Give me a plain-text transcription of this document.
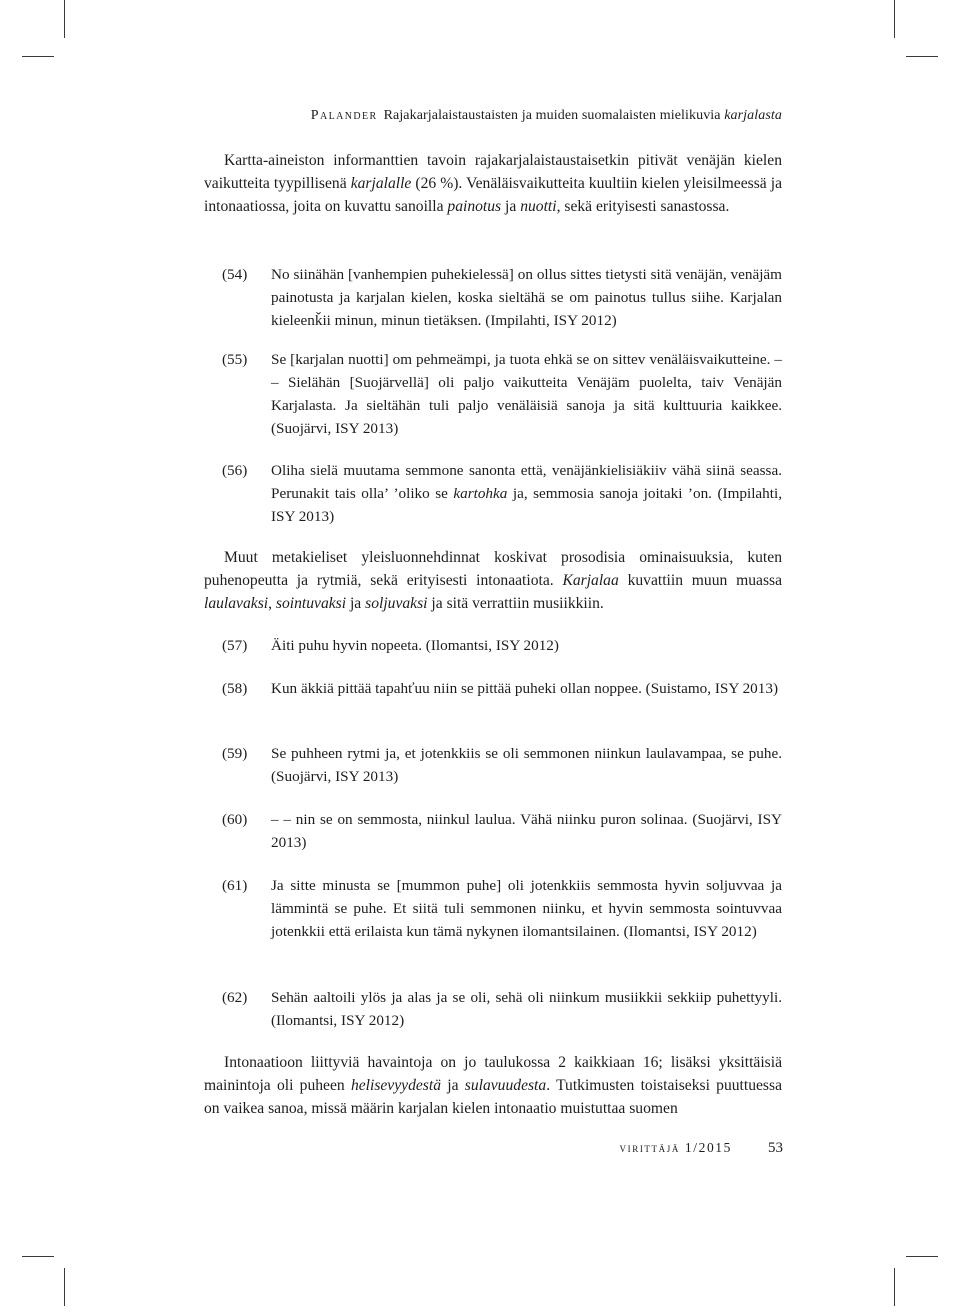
Palander Rajakarjalaistaustaisten ja muiden suomalaisten mielikuvia karjalasta

Kartta-aineiston informanttien tavoin rajakarjalaistaustaisetkin pitivät venäjän kielen vaikutteita tyypillisenä karjalalle (26 %). Venäläisvaikutteita kuultiin kielen yleisilmeessä ja intonaatiossa, joita on kuvattu sanoilla painotus ja nuotti, sekä erityisesti sanastossa.

(54)	No siinähän [vanhempien puhekielessä] on ollus sittes tietysti sitä venäjän, venäjäm painotusta ja karjalan kielen, koska sieltähä se om painotus tullus siihe. Karjalan kieleenǩii minun, minun tietäksen. (Impilahti, ISY 2012)
(55)	Se [karjalan nuotti] om pehmeämpi, ja tuota ehkä se on sittev venäläisvaikutteine. – – Sielähän [Suojärvellä] oli paljo vaikutteita Venäjäm puolelta, taiv Venäjän Karjalasta. Ja sieltähän tuli paljo venäläisiä sanoja ja sitä kulttuuria kaikkee. (Suojärvi, ISY 2013)
(56)	Oliha sielä muutama semmone sanonta että, venäjänkielisiäkiiv vähä siinä seassa. Perunakit tais olla’ ’oliko se kartohka ja, semmosia sanoja joitaki ’on. (Impilahti, ISY 2013)

Muut metakieliset yleisluonnehdinnat koskivat prosodisia ominaisuuksia, kuten puhenopeutta ja rytmiä, sekä erityisesti intonaatiota. Karjalaa kuvattiin muun muassa laulavaksi, sointuvaksi ja soljuvaksi ja sitä verrattiin musiikkiin.

(57)	Äiti puhu hyvin nopeeta. (Ilomantsi, ISY 2012)
(58)	Kun äkkiä pittää tapahťuu niin se pittää puheki ollan noppee. (Suistamo, ISY 2013)
(59)	Se puhheen rytmi ja, et jotenkkiis se oli semmonen niinkun laulavampaa, se puhe. (Suojärvi, ISY 2013)
(60)	– – nin se on semmosta, niinkul laulua. Vähä niinku puron solinaa. (Suojärvi, ISY 2013)
(61)	Ja sitte minusta se [mummon puhe] oli jotenkkiis semmosta hyvin soljuvvaa ja lämmintä se puhe. Et siitä tuli semmonen niinku, et hyvin semmosta sointuvvaa jotenkkii että erilaista kun tämä nykynen ilomantsilainen. (Ilomantsi, ISY 2012)
(62)	Sehän aaltoili ylös ja alas ja se oli, sehä oli niinkum musiikkii sekkiip puhettyyli. (Ilomantsi, ISY 2012)

Intonaatioon liittyviä havaintoja on jo taulukossa 2 kaikkiaan 16; lisäksi yksittäisiä mainintoja oli puheen helisevyydestä ja sulavuudesta. Tutkimusten toistaiseksi puuttuessa on vaikea sanoa, missä määrin karjalan kielen intonaatio muistuttaa suomen

virittäjä 1/2015 53
